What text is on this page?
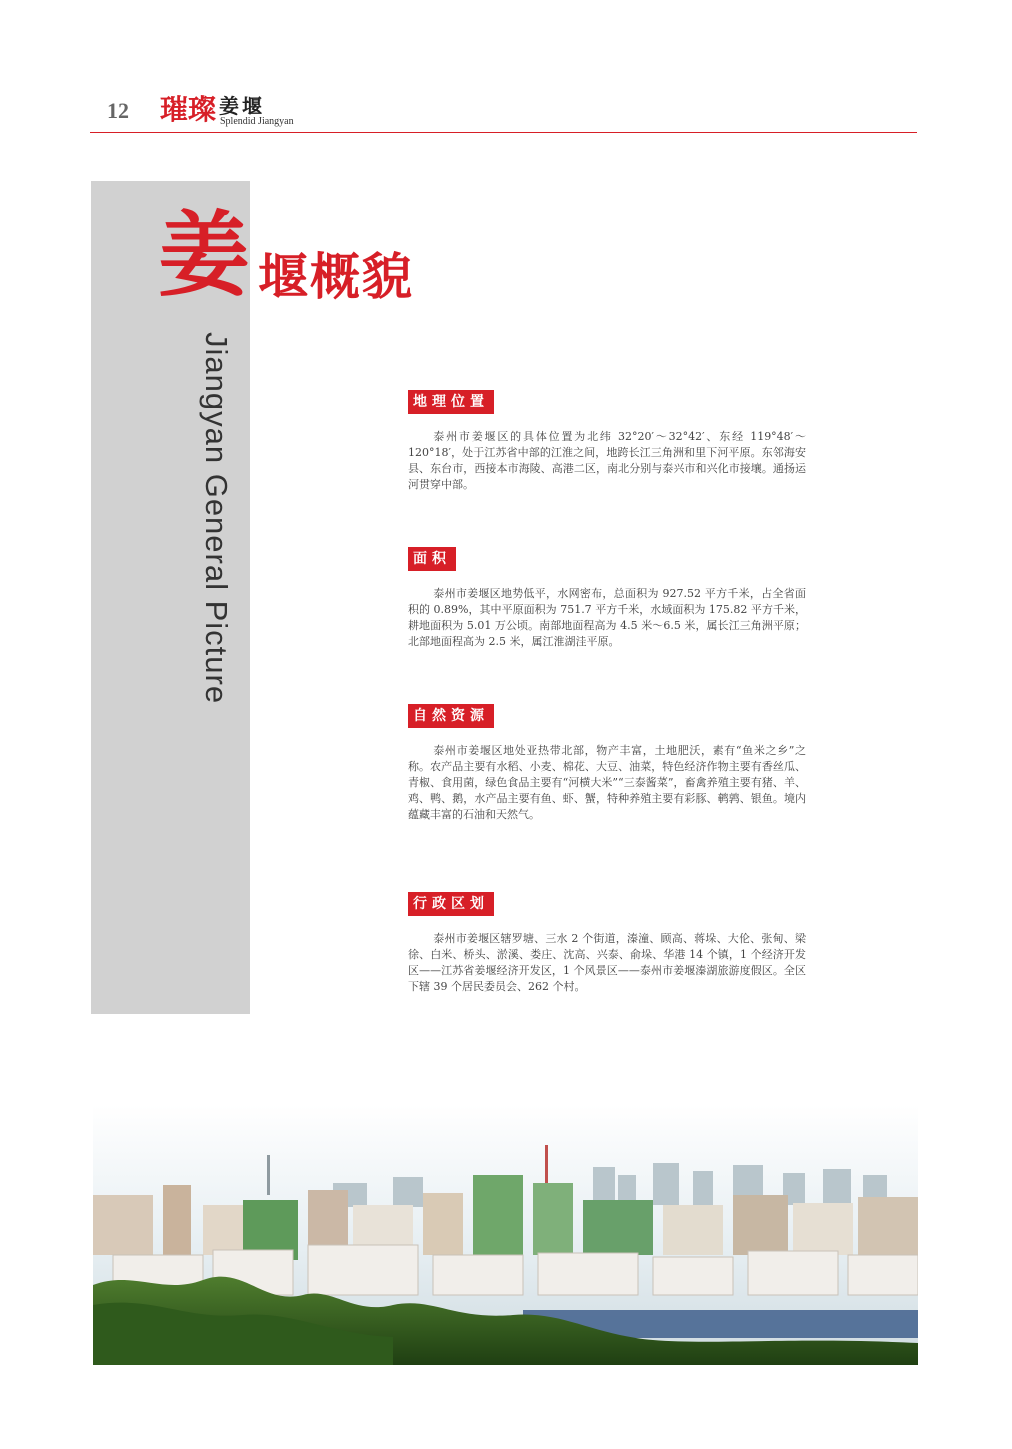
12 璀璨 姜堰
Splendid Jiangyan
Jiangyan General Picture
姜 堰概貌
地理位置
泰州市姜堰区的具体位置为北纬 32°20′～32°42′、东经 119°48′～120°18′，处于江苏省中部的江淮之间，地跨长江三角洲和里下河平原。东邻海安县、东台市，西接本市海陵、高港二区，南北分别与泰兴市和兴化市接壤。通扬运河贯穿中部。
面积
泰州市姜堰区地势低平，水网密布，总面积为 927.52 平方千米，占全省面积的 0.89%，其中平原面积为 751.7 平方千米，水域面积为 175.82 平方千米，耕地面积为 5.01 万公顷。南部地面程高为 4.5 米～6.5 米，属长江三角洲平原；北部地面程高为 2.5 米，属江淮湖洼平原。
自然资源
泰州市姜堰区地处亚热带北部，物产丰富，土地肥沃，素有“鱼米之乡”之称。农产品主要有水稻、小麦、棉花、大豆、油菜，特色经济作物主要有香丝瓜、青椒、食用菌，绿色食品主要有“河横大米”“三泰酱菜”，畜禽养殖主要有猪、羊、鸡、鸭、鹅，水产品主要有鱼、虾、蟹，特种养殖主要有彩豚、鹌鹑、银鱼。境内蕴藏丰富的石油和天然气。
行政区划
泰州市姜堰区辖罗塘、三水 2 个街道，溱潼、顾高、蒋垛、大伦、张甸、梁徐、白米、桥头、淤溪、娄庄、沈高、兴泰、俞垛、华港 14 个镇，1 个经济开发区——江苏省姜堰经济开发区，1 个风景区——泰州市姜堰溱湖旅游度假区。全区下辖 39 个居民委员会、262 个村。
